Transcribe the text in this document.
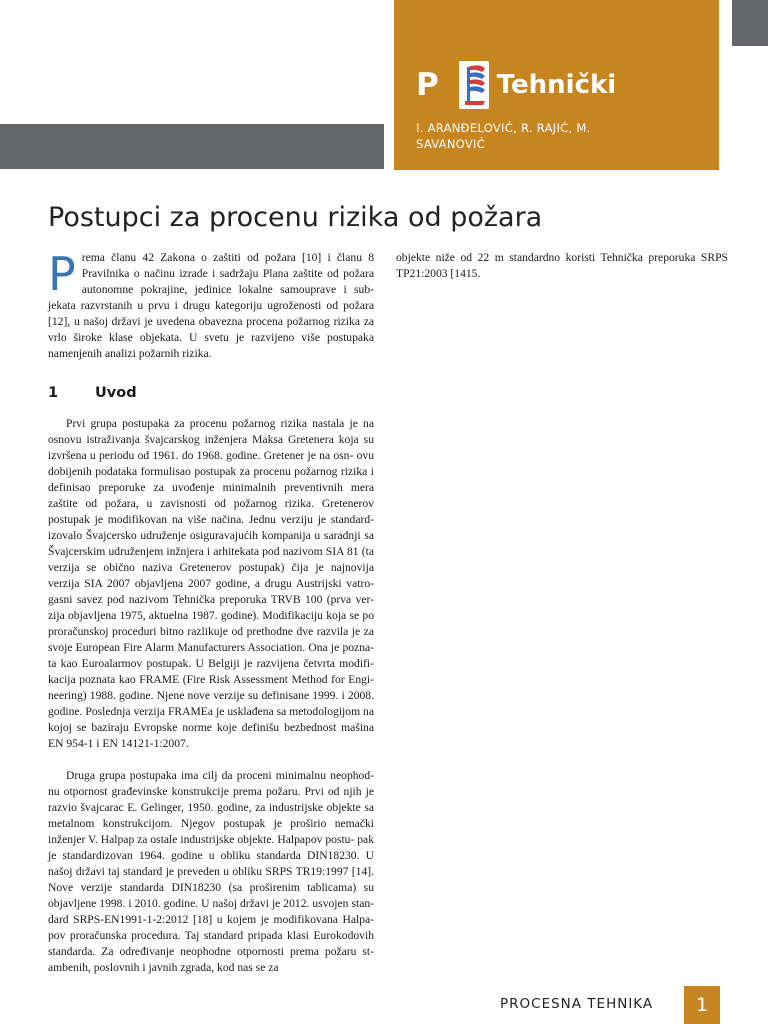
P Tehnički
I. ARANĐELOVIĆ, R. RAJIĆ, M. SAVANOVIĆ
Postupci za procenu rizika od požara

Prema članu 42 Zakona o zaštiti od požara [10] i članu 8 Pravilnika o načinu izrade i sadržaju Plana zaštite od požara autonomne pokrajine, jedinice lokalne samouprave i sub- jekata razvrstanih u prvu i drugu kategoriju ugroženosti od požara [12], u našoj državi je uvedena obavezna procena požarnog rizika za vrlo široke klase objekata. U svetu je razvijeno više postupaka namenjenih analizi požarnih rizika.

1	Uvod

Prvi grupa postupaka za procenu požarnog rizika nastala je na osnovu istraživanja švajcarskog inženjera Maksa Gretenera koja su izvršena u periodu od 1961. do 1968. godine. Gretener je na osn- ovu dobijenih podataka formulisao postupak za procenu požarnog rizika i definisao preporuke za uvođenje minimalnih preventivnih mera zaštite od požara, u zavisnosti od požarnog rizika. Gretenerov postupak je modifikovan na više načina. Jednu verziju je standard- izovalo Švajcersko udruženje osiguravajućih kompanija u saradnji sa Švajcerskim udruženjem inžnjera i arhitekata pod nazivom SIA 81 (ta verzija se obično naziva Gretenerov postupak) čija je najnovija verzija SIA 2007 objavljena 2007 godine, a drugu Austrijski vatro- gasni savez pod nazivom Tehnička preporuka TRVB 100 (prva ver- zija objavljena 1975, aktuelna 1987. godine). Modifikaciju koja se po proračunskoj proceduri bitno razlikuje od prethodne dve razvila je za svoje European Fire Alarm Manufacturers Association. Ona je pozna- ta kao Euroalarmov postupak. U Belgiji je razvijena četvrta modifi- kacija poznata kao FRAME (Fire Risk Assessment Method for Engi- neering) 1988. godine. Njene nove verzije su definisane 1999. i 2008. godine. Poslednja verzija FRAMEa je usklađena sa metodologijom na kojoj se baziraju Evropske norme koje definišu bezbednost mašina EN 954-1 i EN 14121-1:2007.

Druga grupa postupaka ima cilj da proceni minimalnu neophod- nu otpornost građevinske konstrukcije prema požaru. Prvi od njih je razvio švajcarac E. Gelinger, 1950. godine, za industrijske objekte sa metalnom konstrukcijom. Njegov postupak je proširio nemački inženjer V. Halpap za ostale industrijske objekte. Halpapov postu- pak je standardizovan 1964. godine u obliku standarda DIN18230. U našoj državi taj standard je preveden u obliku SRPS TR19:1997 [14]. Nove verzije standarda DIN18230 (sa proširenim tablicama) su objavljene 1998. i 2010. godine. U našoj državi je 2012. usvojen stan- dard SRPS-EN1991-1-2:2012 [18] u kojem je modifikovana Halpa- pov proračunska procedura. Taj standard pripada klasi Eurokodovih standarda. Za određivanje neophodne otpornosti prema požaru st- ambenih, poslovnih i javnih zgrada, kod nas se za

objekte niže od 22 m standardno koristi Tehnička preporuka SRPS TP21:2003 [1415.

PROCESNA TEHNIKA 1
